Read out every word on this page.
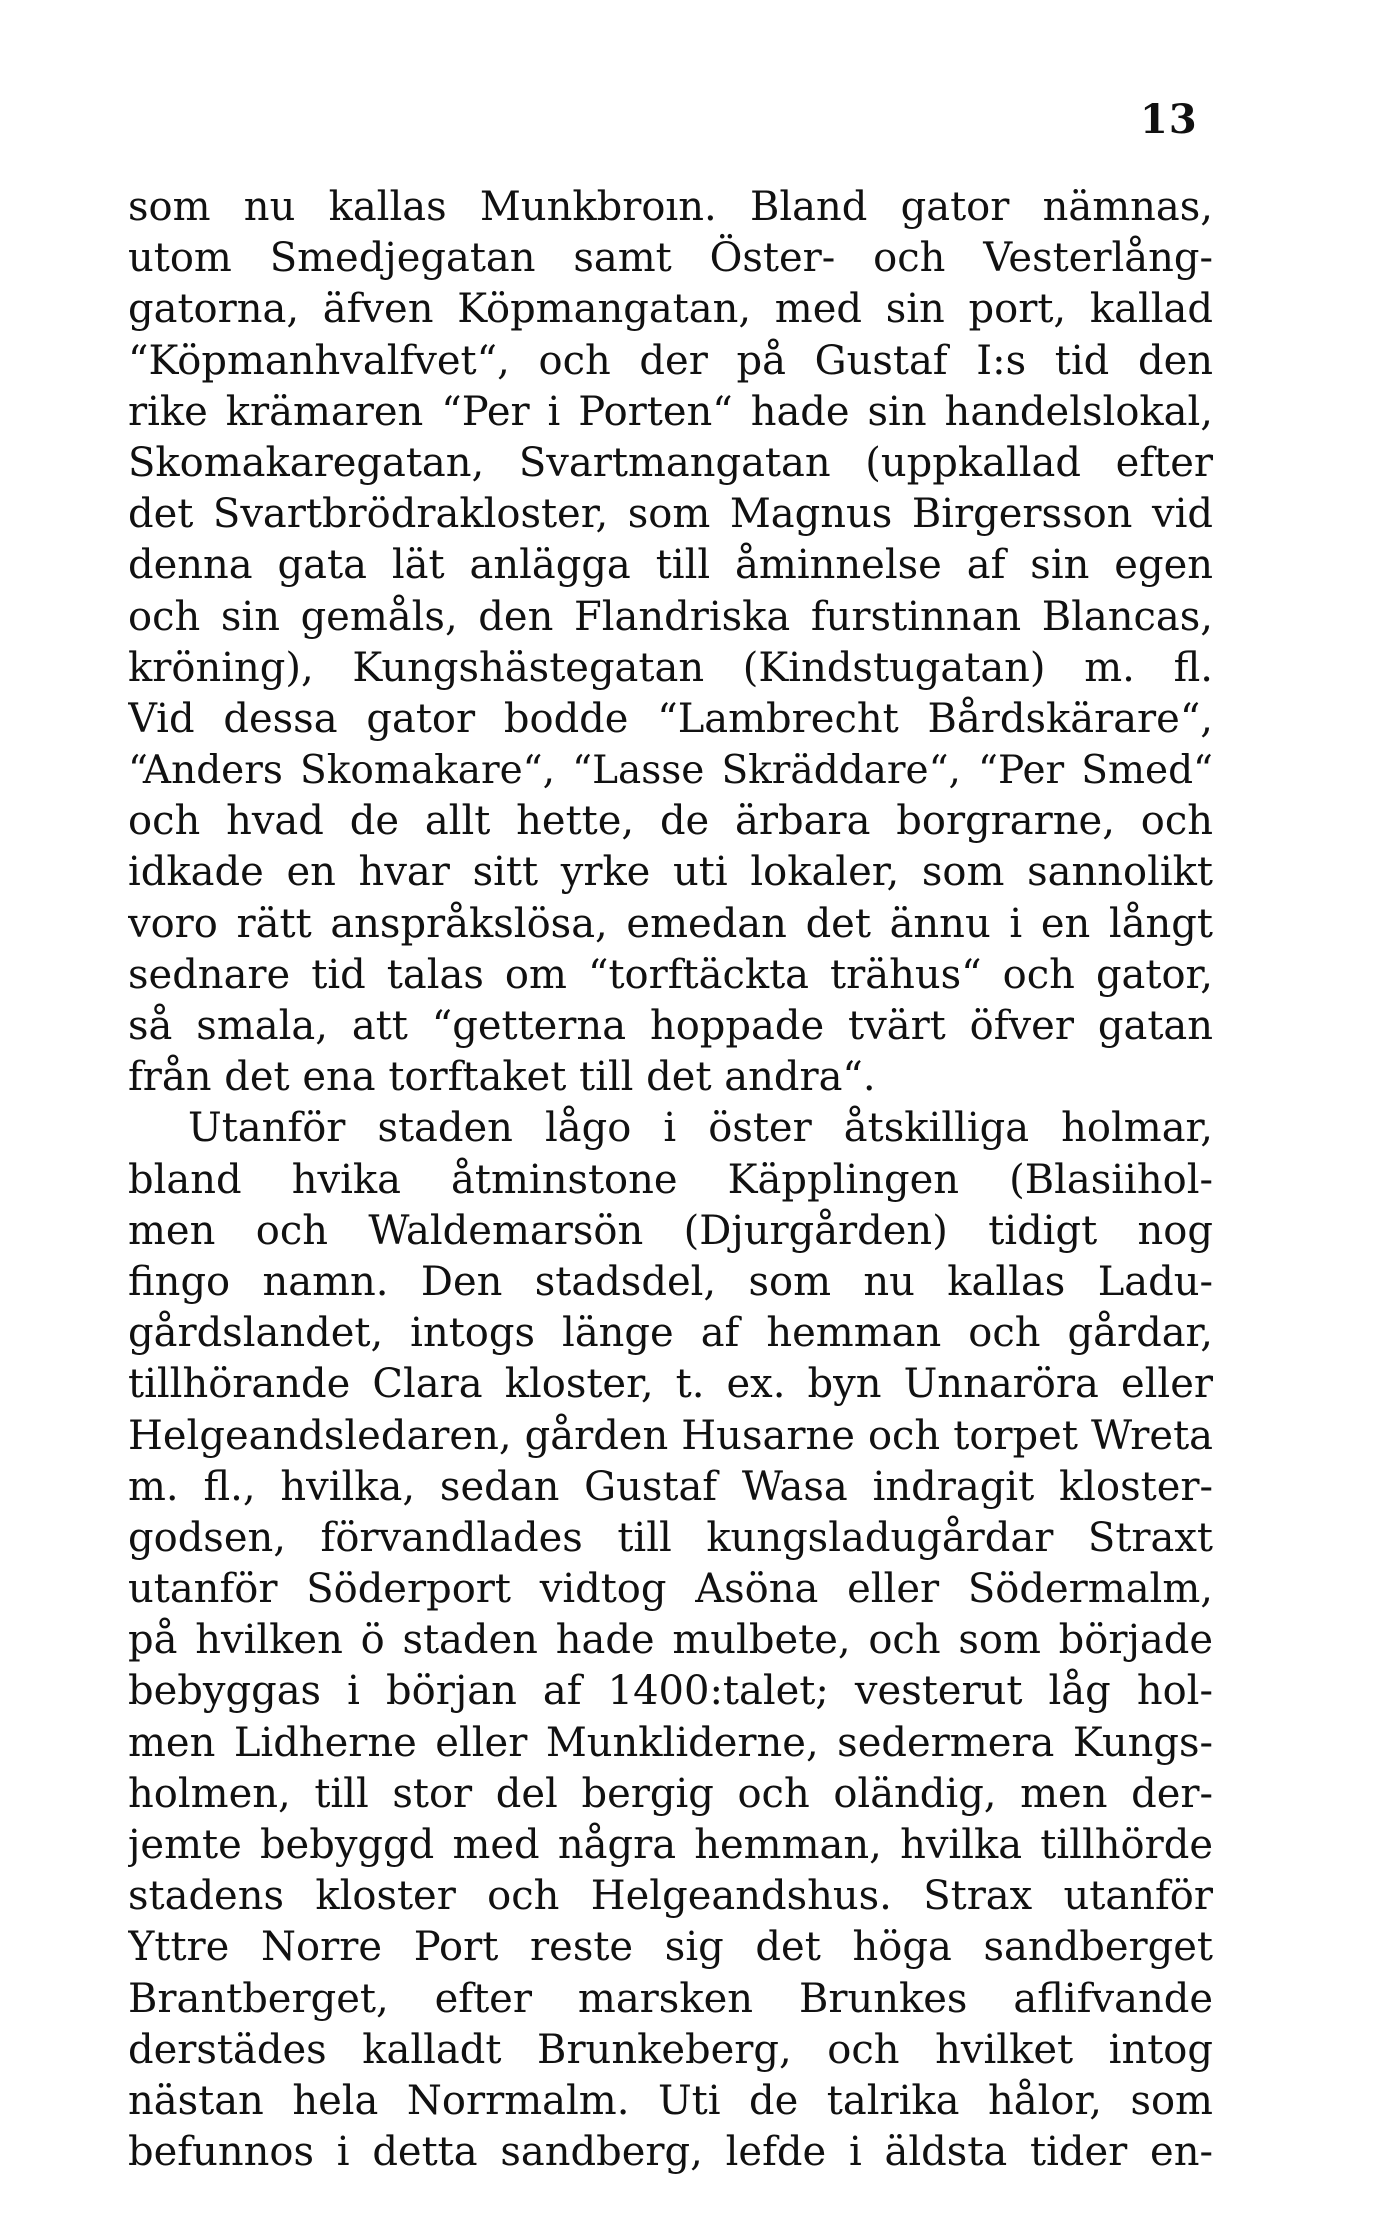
13
som nu kallas Munkbroın. Bland gator nämnas,
utom Smedjegatan samt Öster- och Vesterlång-
gatorna, äfven Köpmangatan, med sin port, kallad
“Köpmanhvalfvet“, och der på Gustaf I:s tid den
rike krämaren “Per i Porten“ hade sin handelslokal,
Skomakaregatan, Svartmangatan (uppkallad efter
det Svartbrödrakloster, som Magnus Birgersson vid
denna gata lät anlägga till åminnelse af sin egen
och sin gemåls, den Flandriska furstinnan Blancas,
kröning), Kungshästegatan (Kindstugatan) m. fl.
Vid dessa gator bodde “Lambrecht Bårdskärare“,
“Anders Skomakare“, “Lasse Skräddare“, “Per Smed“
och hvad de allt hette, de ärbara borgrarne, och
idkade en hvar sitt yrke uti lokaler, som sannolikt
voro rätt anspråkslösa, emedan det ännu i en långt
sednare tid talas om “torftäckta trähus“ och gator,
så smala, att “getterna hoppade tvärt öfver gatan
från det ena torftaket till det andra“.
Utanför staden lågo i öster åtskilliga holmar,
bland hvika åtminstone Käpplingen (Blasiihol-
men och Waldemarsön (Djurgården) tidigt nog
fingo namn. Den stadsdel, som nu kallas Ladu-
gårdslandet, intogs länge af hemman och gårdar,
tillhörande Clara kloster, t. ex. byn Unnaröra eller
Helgeandsledaren, gården Husarne och torpet Wreta
m. fl., hvilka, sedan Gustaf Wasa indragit kloster-
godsen, förvandlades till kungsladugårdar Straxt
utanför Söderport vidtog Asöna eller Södermalm,
på hvilken ö staden hade mulbete, och som började
bebyggas i början af 1400:talet; vesterut låg hol-
men Lidherne eller Munkliderne, sedermera Kungs-
holmen, till stor del bergig och oländig, men der-
jemte bebyggd med några hemman, hvilka tillhörde
stadens kloster och Helgeandshus. Strax utanför
Yttre Norre Port reste sig det höga sandberget
Brantberget, efter marsken Brunkes aflifvande
derstädes kalladt Brunkeberg, och hvilket intog
nästan hela Norrmalm. Uti de talrika hålor, som
befunnos i detta sandberg, lefde i äldsta tider en-
